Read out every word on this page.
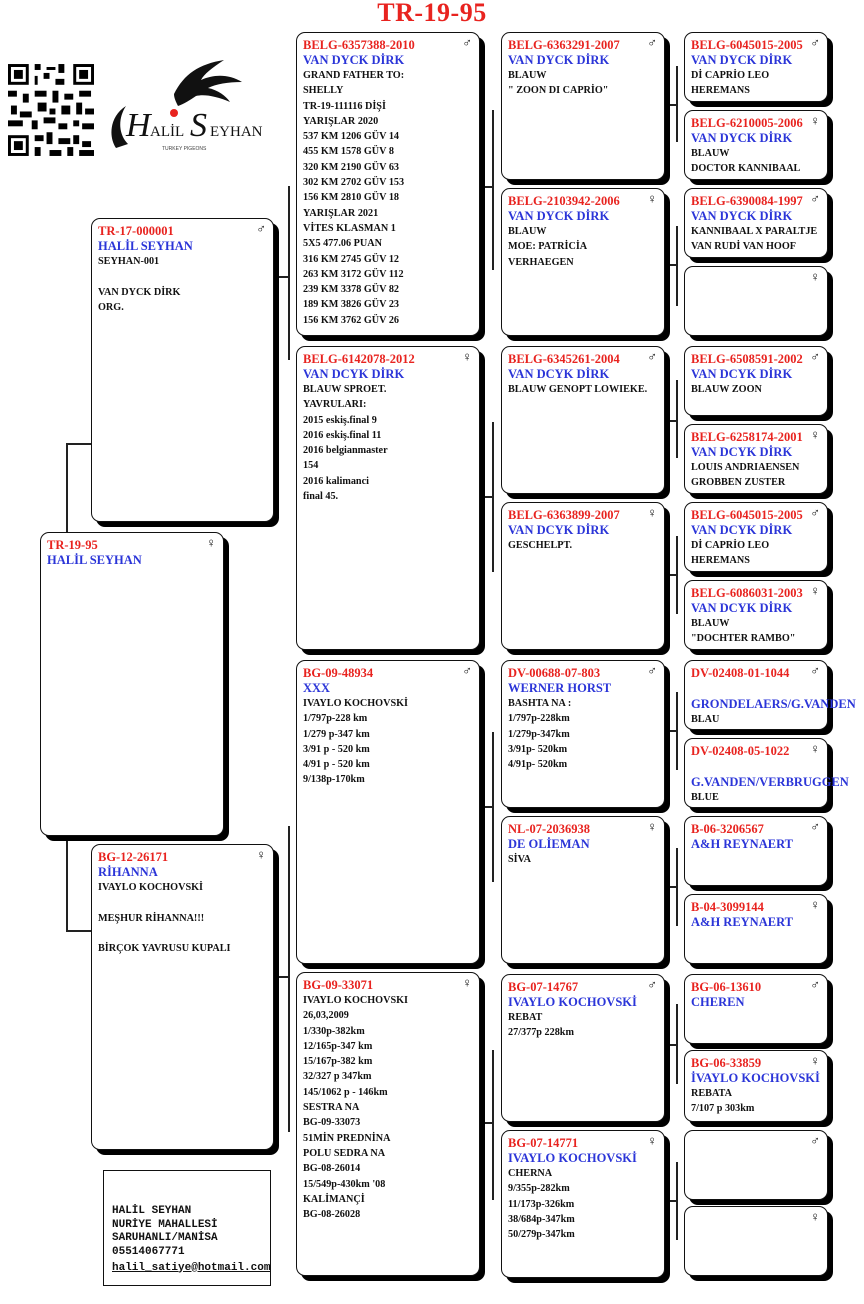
TR-19-95
H ALİL S EYHAN
TURKEY PIGEONS
TR-19-95
HALİL SEYHAN
♀
TR-17-000001
HALİL SEYHAN
SEYHAN-001

VAN DYCK DİRK
ORG.
♂
BG-12-26171
RİHANNA
IVAYLO KOCHOVSKİ

MEŞHUR RİHANNA!!!

BİRÇOK YAVRUSU KUPALI
♀
BELG-6357388-2010
VAN DYCK DİRK
GRAND FATHER TO:
SHELLY
TR-19-111116 DİŞİ
YARIŞLAR 2020
537 KM 1206 GÜV 14
455 KM 1578 GÜV 8
320 KM 2190 GÜV 63
302 KM 2702 GÜV 153
156 KM 2810 GÜV 18
YARIŞLAR 2021
VİTES KLASMAN 1
5X5 477.06 PUAN
316 KM 2745 GÜV 12
263 KM 3172 GÜV 112
239 KM 3378 GÜV 82
189 KM 3826 GÜV 23
156 KM 3762 GÜV 26
♂
BELG-6142078-2012
VAN DCYK DİRK
BLAUW SPROET.
YAVRULARI:
2015 eskiş.final 9
2016 eskiş.final 11
2016 belgianmaster
154
2016 kalimanci
final 45.
♀
BG-09-48934
XXX
IVAYLO KOCHOVSKİ
1/797p-228 km
1/279 p-347 km
3/91 p - 520 km
4/91 p - 520 km
9/138p-170km
♂
BG-09-33071
IVAYLO KOCHOVSKI
26,03,2009
1/330p-382km
12/165p-347 km
15/167p-382 km
32/327 p 347km
145/1062 p - 146km
SESTRA NA
BG-09-33073
51MİN PREDNİNA
POLU SEDRA NA
BG-08-26014
15/549p-430km '08
KALİMANÇİ
BG-08-26028
♀
BELG-6363291-2007
VAN DYCK DİRK
BLAUW
" ZOON DI CAPRİO"
♂
BELG-2103942-2006
VAN DYCK DİRK
BLAUW
MOE: PATRİCİA
VERHAEGEN
♀
BELG-6345261-2004
VAN DCYK DİRK
BLAUW GENOPT LOWIEKE.
♂
BELG-6363899-2007
VAN DCYK DİRK
GESCHELPT.
♀
DV-00688-07-803
WERNER HORST
BASHTA NA :
1/797p-228km
1/279p-347km
3/91p- 520km
4/91p- 520km
♂
NL-07-2036938
DE OLİEMAN
SİVA
♀
BG-07-14767
IVAYLO KOCHOVSKİ
REBAT
27/377p 228km
♂
BG-07-14771
IVAYLO KOCHOVSKİ
CHERNA
9/355p-282km
11/173p-326km
38/684p-347km
50/279p-347km
♀
BELG-6045015-2005
VAN DYCK DİRK
Dİ CAPRİO LEO
HEREMANS
♂
BELG-6210005-2006
VAN DYCK DİRK
BLAUW
DOCTOR KANNIBAAL
♀
BELG-6390084-1997
VAN DYCK DİRK
KANNIBAAL X PARALTJE
VAN RUDİ VAN HOOF
♂
♀
BELG-6508591-2002
VAN DCYK DİRK
BLAUW ZOON
♂
BELG-6258174-2001
VAN DCYK DİRK
LOUIS ANDRIAENSEN
GROBBEN ZUSTER
♀
BELG-6045015-2005
VAN DCYK DİRK
Dİ CAPRİO LEO
HEREMANS
♂
BELG-6086031-2003
VAN DCYK DİRK
BLAUW
"DOCHTER RAMBO"
♀
DV-02408-01-1044
GRONDELAERS/G.VANDEN
BLAU
♂
DV-02408-05-1022
G.VANDEN/VERBRUGGEN
BLUE
♀
B-06-3206567
A&H REYNAERT
♂
B-04-3099144
A&H REYNAERT
♀
BG-06-13610
CHEREN
♂
BG-06-33859
İVAYLO KOCHOVSKİ
REBATA
7/107 p 303km
♀
♂
♀

HALİL SEYHAN
NURİYE MAHALLESİ
SARUHANLI/MANİSA
05514067771

halil_satiye@hotmail.com
